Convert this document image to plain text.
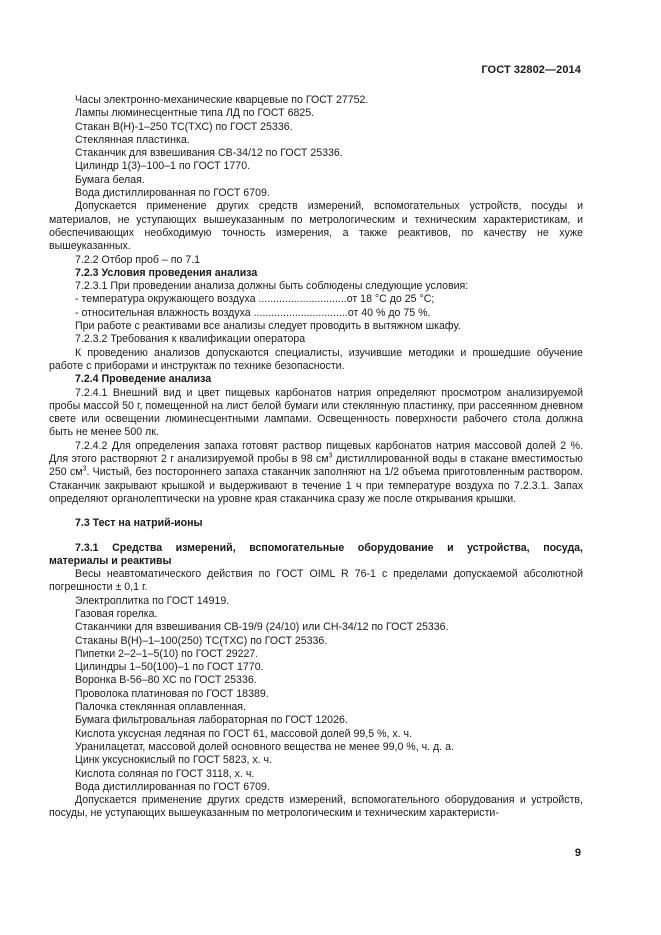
ГОСТ 32802—2014

Часы электронно-механические кварцевые по ГОСТ 27752.

Лампы люминесцентные типа ЛД по ГОСТ 6825.

Стакан В(Н)-1–250 ТС(ТХС) по ГОСТ 25336.

Стеклянная пластинка.

Стаканчик для взвешивания СВ-34/12 по ГОСТ 25336.

Цилиндр 1(3)–100–1 по ГОСТ 1770.

Бумага белая.

Вода дистиллированная по ГОСТ 6709.

Допускается применение других средств измерений, вспомогательных устройств, посуды и материалов, не уступающих вышеуказанным по метрологическим и техническим характеристикам, и обеспечивающих необходимую точность измерения, а также реактивов, по качеству не хуже вышеуказанных.

7.2.2 Отбор проб – по 7.1

7.2.3 Условия проведения анализа

7.2.3.1 При проведении анализа должны быть соблюдены следующие условия:

- температура окружающего воздуха ..............................от 18 °С до 25 °С;

- относительная влажность воздуха ................................от 40 % до 75 %.

При работе с реактивами все анализы следует проводить в вытяжном шкафу.

7.2.3.2 Требования к квалификации оператора

К проведению анализов допускаются специалисты, изучившие методики и прошедшие обучение работе с приборами и инструктаж по технике безопасности.

7.2.4 Проведение анализа

7.2.4.1 Внешний вид и цвет пищевых карбонатов натрия определяют просмотром анализируемой пробы массой 50 г, помещенной на лист белой бумаги или стеклянную пластинку, при рассеянном дневном свете или освещении люминесцентными лампами. Освещенность поверхности рабочего стола должна быть не менее 500 лк.

7.2.4.2 Для определения запаха готовят раствор пищевых карбонатов натрия массовой долей 2 %. Для этого растворяют 2 г анализируемой пробы в 98 $см^3$ дистиллированной воды в стакане вместимостью 250 $см^3$. Чистый, без постороннего запаха стаканчик заполняют на 1/2 объема приготовленным раствором. Стаканчик закрывают крышкой и выдерживают в течение 1 ч при температуре воздуха по 7.2.3.1. Запах определяют органолептически на уровне края стаканчика сразу же после открывания крышки.

7.3 Тест на натрий-ионы

7.3.1 Средства измерений, вспомогательные оборудование и устройства, посуда,

материалы и реактивы

Весы неавтоматического действия по ГОСТ OIML R 76-1 с пределами допускаемой абсолютной погрешности ± 0,1 г.

Электроплитка по ГОСТ 14919.

Газовая горелка.

Стаканчики для взвешивания СВ-19/9 (24/10) или СН-34/12 по ГОСТ 25336.

Стаканы В(Н)–1–100(250) ТС(ТХС) по ГОСТ 25336.

Пипетки 2–2–1–5(10) по ГОСТ 29227.

Цилиндры 1–50(100)–1 по ГОСТ 1770.

Воронка В-56–80 ХС по ГОСТ 25336.

Проволока платиновая по ГОСТ 18389.

Палочка стеклянная оплавленная.

Бумага фильтровальная лабораторная по ГОСТ 12026.

Кислота уксусная ледяная по ГОСТ 61, массовой долей 99,5 %, х. ч.

Уранилацетат, массовой долей основного вещества не менее 99,0 %, ч. д. а.

Цинк уксуснокислый по ГОСТ 5823, х. ч.

Кислота соляная по ГОСТ 3118, х. ч.

Вода дистиллированная по ГОСТ 6709.

Допускается применение других средств измерений, вспомогательного оборудования и устройств, посуды, не уступающих вышеуказанным по метрологическим и техническим характеристи-

9
